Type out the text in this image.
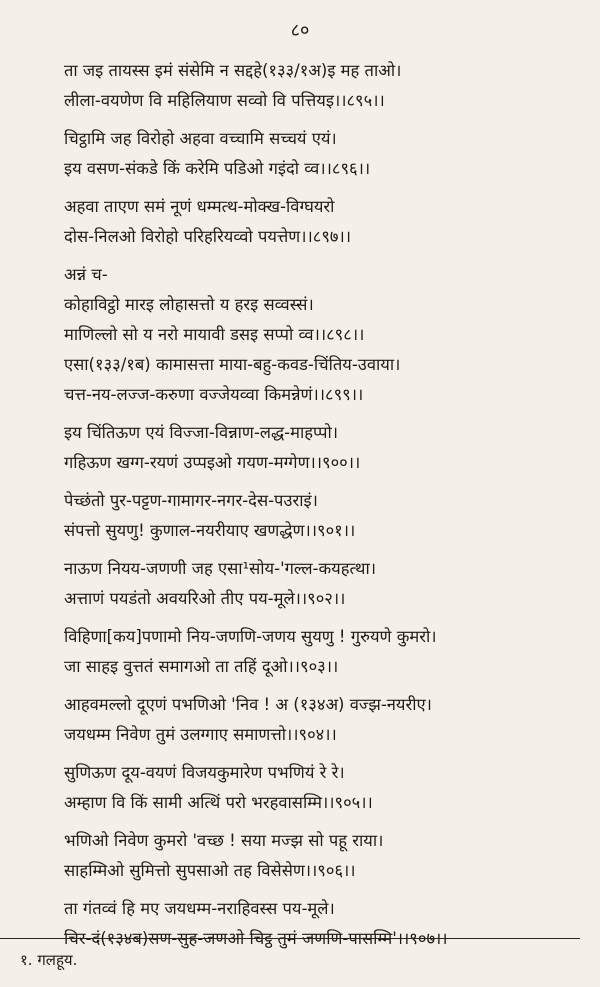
८०
ता जइ तायस्स इमं संसेमि न सद्दहे(१३३/१अ)इ मह ताओ।
लीला-वयणेण वि महिलियाण सव्वो वि पत्तियइ।।८९५।।
चिट्ठामि जह विरोहो अहवा वच्चामि सच्चयं एयं।
इय वसण-संकडे किं करेमि पडिओ गइंदो व्व।।८९६।।
अहवा ताएण समं नूणं धम्मत्थ-मोक्ख-विग्घयरो
दोस-निलओ विरोहो परिहरियव्वो पयत्तेण।।८९७।।
अन्नं च-
कोहाविट्ठो मारइ लोहासत्तो य हरइ सव्वस्सं।
माणिल्लो सो य नरो मायावी डसइ सप्पो व्व।।८९८।।
एसा(१३३/१ब) कामासत्ता माया-बहु-कवड-चिंतिय-उवाया।
चत्त-नय-लज्ज-करुणा वज्जेयव्वा किमन्नेणं।।८९९।।
इय चिंतिऊण एयं विज्जा-विन्नाण-लद्ध-माहप्पो।
गहिऊण खग्ग-रयणं उप्पइओ गयण-मग्गेण।।९००।।
पेच्छंतो पुर-पट्टण-गामागर-नगर-देस-पउराइं।
संपत्तो सुयणु! कुणाल-नयरीयाए खणद्धेण।।९०१।।
नाऊण नियय-जणणी जह एसा¹सोय-'गल्ल-कयहत्था।
अत्ताणं पयडंतो अवयरिओ तीए पय-मूले।।९०२।।
विहिणा[कय]पणामो निय-जणणि-जणय सुयणु ! गुरुयणे कुमरो।
जा साहइ वुत्ततं समागओ ता तहिं दूओ।।९०३।।
आहवमल्लो दूएणं पभणिओ 'निव ! अ (१३४अ) वज्झ-नयरीए।
जयधम्म निवेण तुमं उलग्गाए समाणत्तो।।९०४।।
सुणिऊण दूय-वयणं विजयकुमारेण पभणियं रे रे।
अम्हाण वि किं सामी अत्थिं परो भरहवासम्मि।।९०५।।
भणिओ निवेण कुमरो 'वच्छ ! सया मज्झ सो पहू राया।
साहम्मिओ सुमित्तो सुपसाओ तह विसेसेण।।९०६।।
ता गंतव्वं हि मए जयधम्म-नराहिवस्स पय-मूले।
चिर-दं(१३४ब)सण-सुह-जणओ चिट्ठ तुमं जणणि-पासम्मि'।।९०७।।
१. गलहूय.
